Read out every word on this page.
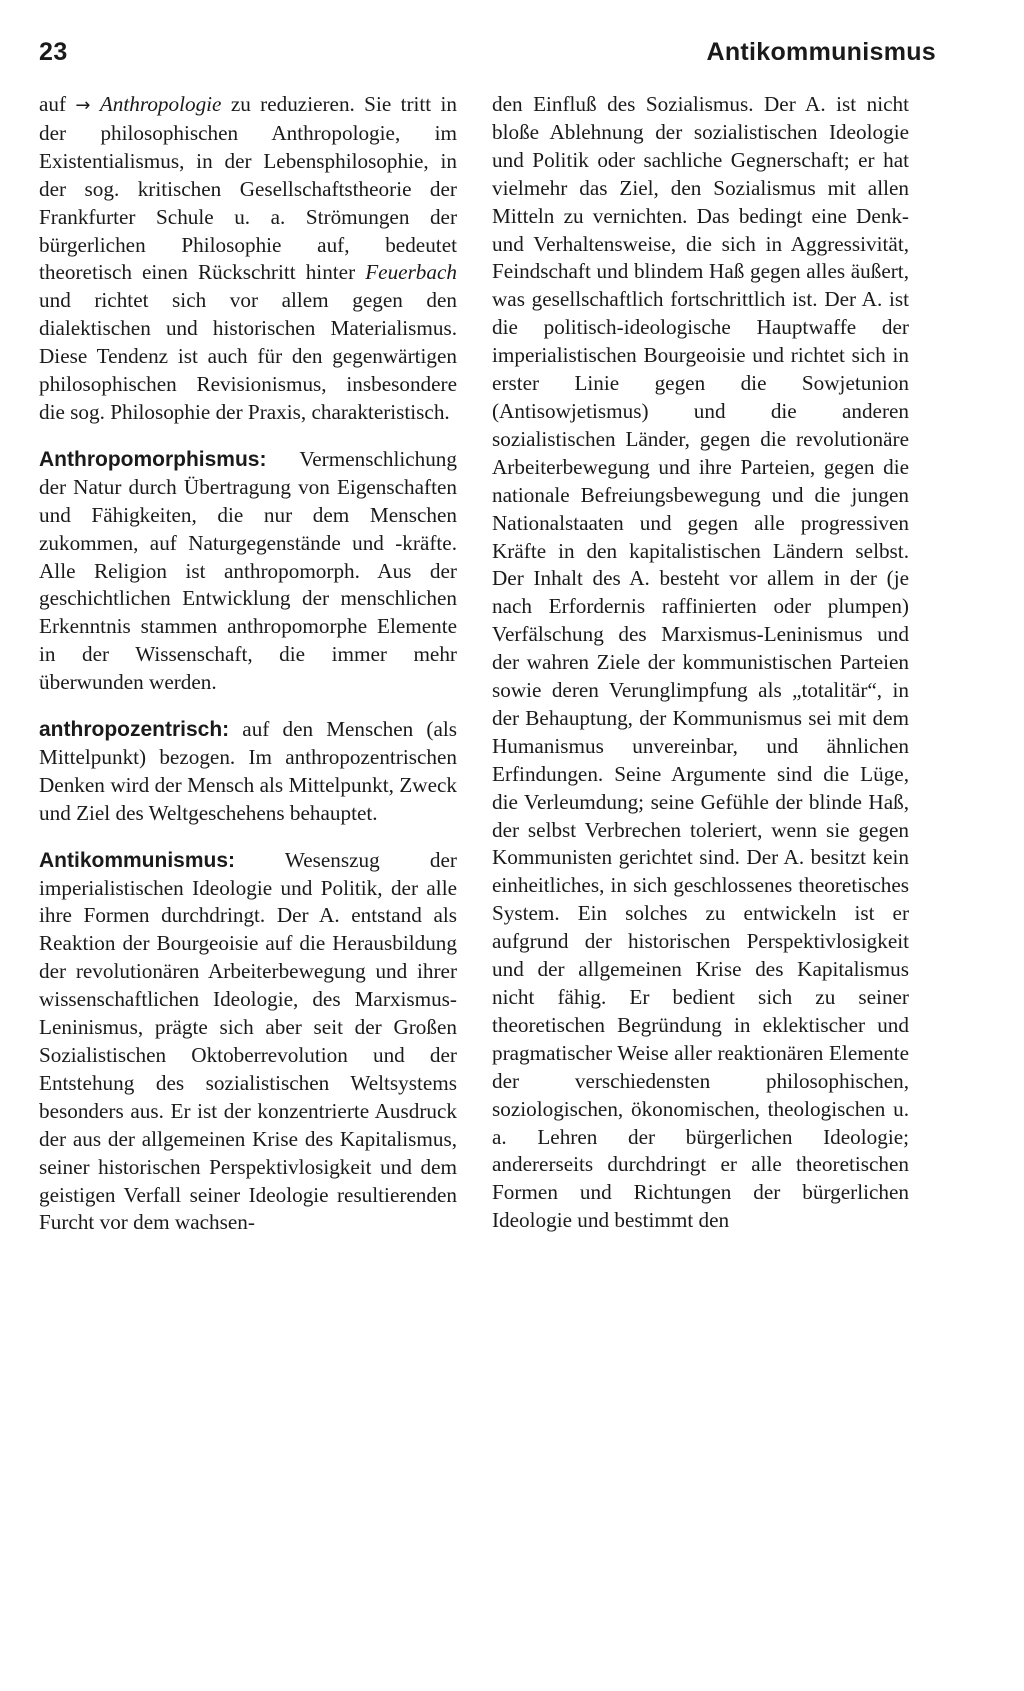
23	Antikommunismus

auf → Anthropologie zu reduzieren. Sie tritt in der philosophischen Anthropologie, im Existentialismus, in der Lebensphilosophie, in der sog. kritischen Gesellschaftstheorie der Frankfurter Schule u. a. Strömungen der bürgerlichen Philosophie auf, bedeutet theoretisch einen Rückschritt hinter Feuerbach und richtet sich vor allem gegen den dialektischen und historischen Materialismus. Diese Tendenz ist auch für den gegenwärtigen philosophischen Revisionismus, insbesondere die sog. Philosophie der Praxis, charakteristisch.

Anthropomorphismus: Vermenschlichung der Natur durch Übertragung von Eigenschaften und Fähigkeiten, die nur dem Menschen zukommen, auf Naturgegenstände und -kräfte. Alle Religion ist anthropomorph. Aus der geschichtlichen Entwicklung der menschlichen Erkenntnis stammen anthropomorphe Elemente in der Wissenschaft, die immer mehr überwunden werden.

anthropozentrisch: auf den Menschen (als Mittelpunkt) bezogen. Im anthropozentrischen Denken wird der Mensch als Mittelpunkt, Zweck und Ziel des Weltgeschehens behauptet.

Antikommunismus: Wesenszug der imperialistischen Ideologie und Politik, der alle ihre Formen durchdringt. Der A. entstand als Reaktion der Bourgeoisie auf die Herausbildung der revolutionären Arbeiterbewegung und ihrer wissenschaftlichen Ideologie, des Marxismus-Leninismus, prägte sich aber seit der Großen Sozialistischen Oktoberrevolution und der Entstehung des sozialistischen Weltsystems besonders aus. Er ist der konzentrierte Ausdruck der aus der allgemeinen Krise des Kapitalismus, seiner historischen Perspektivlosigkeit und dem geistigen Verfall seiner Ideologie resultierenden Furcht vor dem wachsen-

den Einfluß des Sozialismus. Der A. ist nicht bloße Ablehnung der sozialistischen Ideologie und Politik oder sachliche Gegnerschaft; er hat vielmehr das Ziel, den Sozialismus mit allen Mitteln zu vernichten. Das bedingt eine Denk- und Verhaltensweise, die sich in Aggressivität, Feindschaft und blindem Haß gegen alles äußert, was gesellschaftlich fortschrittlich ist. Der A. ist die politisch-ideologische Hauptwaffe der imperialistischen Bourgeoisie und richtet sich in erster Linie gegen die Sowjetunion (Antisowjetismus) und die anderen sozialistischen Länder, gegen die revolutionäre Arbeiterbewegung und ihre Parteien, gegen die nationale Befreiungsbewegung und die jungen Nationalstaaten und gegen alle progressiven Kräfte in den kapitalistischen Ländern selbst. Der Inhalt des A. besteht vor allem in der (je nach Erfordernis raffinierten oder plumpen) Verfälschung des Marxismus-Leninismus und der wahren Ziele der kommunistischen Parteien sowie deren Verunglimpfung als „totalitär“, in der Behauptung, der Kommunismus sei mit dem Humanismus unvereinbar, und ähnlichen Erfindungen. Seine Argumente sind die Lüge, die Verleumdung; seine Gefühle der blinde Haß, der selbst Verbrechen toleriert, wenn sie gegen Kommunisten gerichtet sind. Der A. besitzt kein einheitliches, in sich geschlossenes theoretisches System. Ein solches zu entwickeln ist er aufgrund der historischen Perspektivlosigkeit und der allgemeinen Krise des Kapitalismus nicht fähig. Er bedient sich zu seiner theoretischen Begründung in eklektischer und pragmatischer Weise aller reaktionären Elemente der verschiedensten philosophischen, soziologischen, ökonomischen, theologischen u. a. Lehren der bürgerlichen Ideologie; andererseits durchdringt er alle theoretischen Formen und Richtungen der bürgerlichen Ideologie und bestimmt den
